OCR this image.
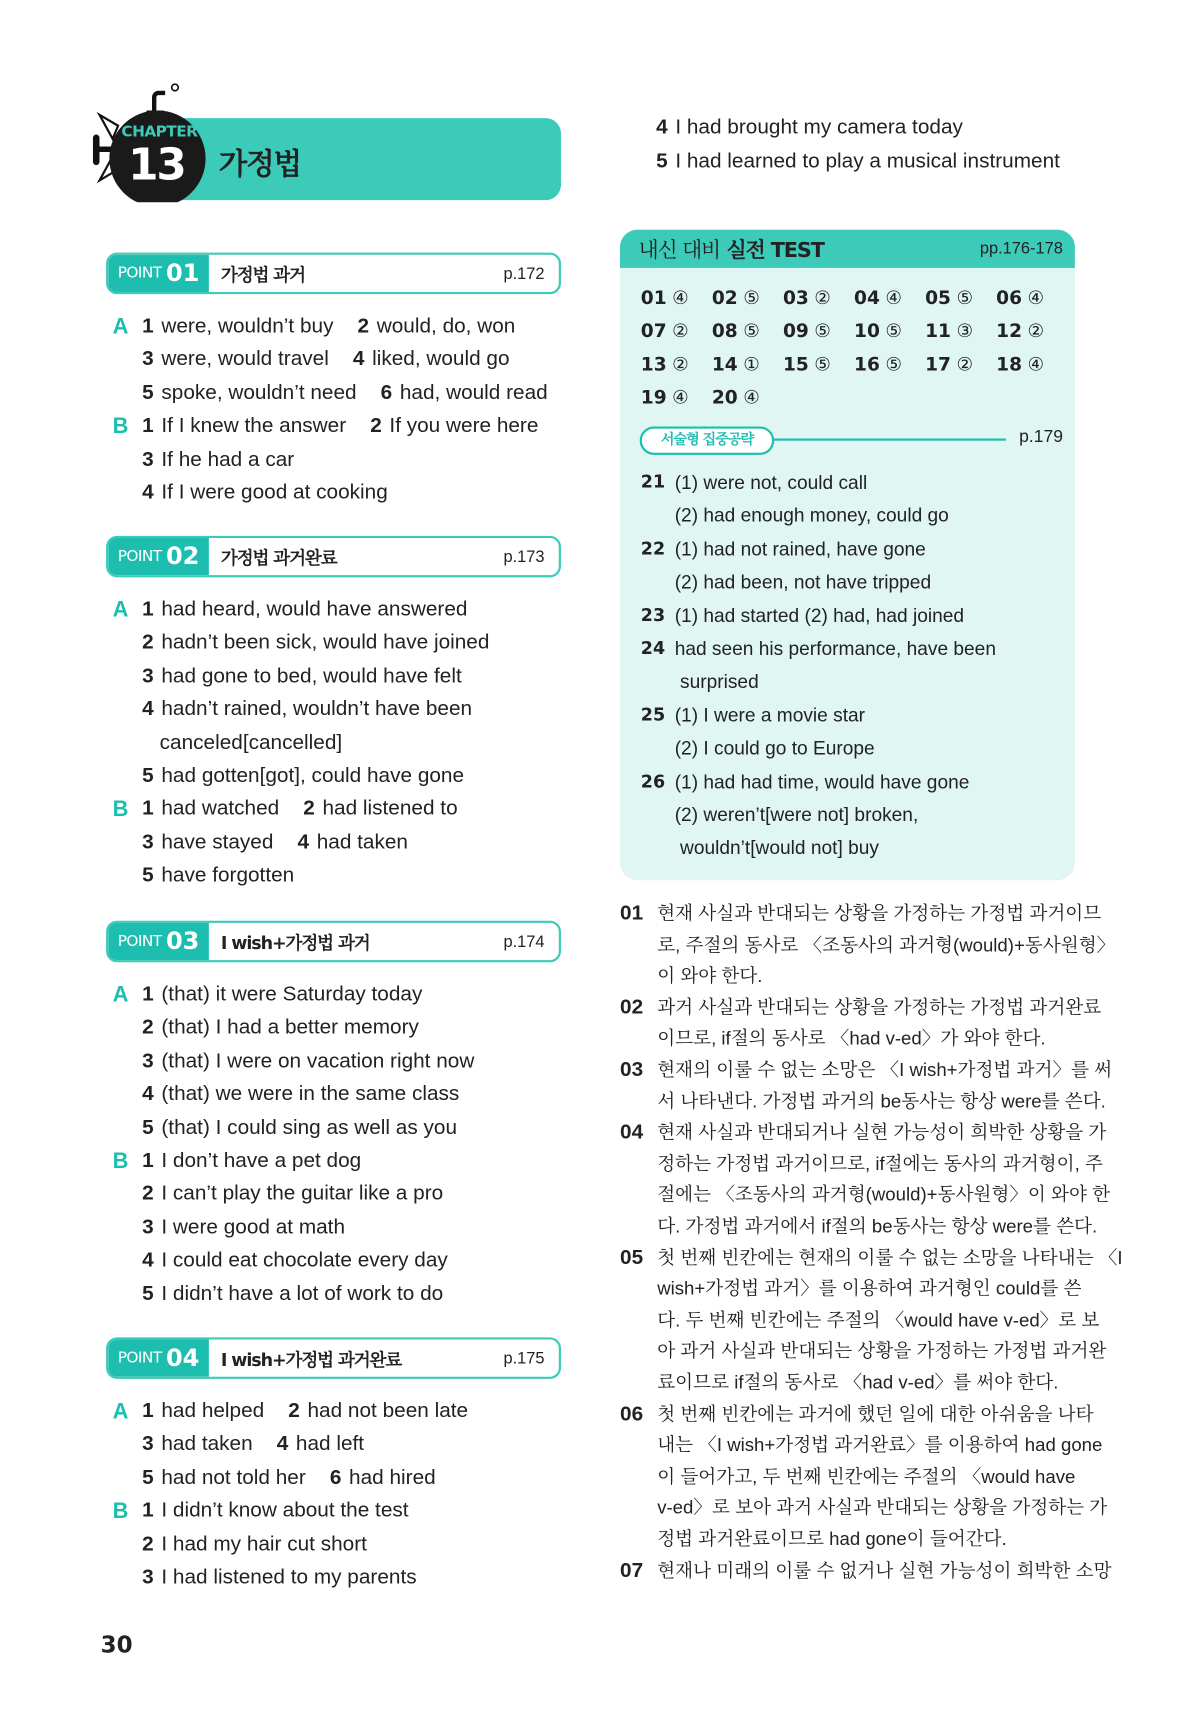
CHAPTER
13 가정법
POINT 01	가정법 과거	p.172
A 1 were, wouldn’t buy 2 would, do, won
3 were, would travel 4 liked, would go
5 spoke, wouldn’t need 6 had, would read
B 1 If I knew the answer 2 If you were here
3 If he had a car
4 If I were good at cooking
POINT 02	가정법 과거완료	p.173
A 1 had heard, would have answered
2 hadn’t been sick, would have joined
3 had gone to bed, would have felt
4 hadn’t rained, wouldn’t have been
canceled[cancelled]
5 had gotten[got], could have gone
B 1 had watched 2 had listened to
3 have stayed 4 had taken
5 have forgotten
POINT 03	I wish+가정법 과거	p.174
A 1 (that) it were Saturday today
2 (that) I had a better memory
3 (that) I were on vacation right now
4 (that) we were in the same class
5 (that) I could sing as well as you
B 1 I don’t have a pet dog
2 I can’t play the guitar like a pro
3 I were good at math
4 I could eat chocolate every day
5 I didn’t have a lot of work to do
POINT 04	I wish+가정법 과거완료	p.175
A 1 had helped 2 had not been late
3 had taken 4 had left
5 had not told her 6 had hired
B 1 I didn’t know about the test
2 I had my hair cut short
3 I had listened to my parents
4 I had brought my camera today
5 I had learned to play a musical instrument
내신 대비 실전 TEST	pp.176-178
01 ④ 02 ⑤ 03 ② 04 ④ 05 ⑤ 06 ④
07 ② 08 ⑤ 09 ⑤ 10 ⑤ 11 ③ 12 ②
13 ② 14 ① 15 ⑤ 16 ⑤ 17 ② 18 ④
19 ④ 20 ④
서술형 집중공략	p.179
21 (1) were not, could call
(2) had enough money, could go
22 (1) had not rained, have gone
(2) had been, not have tripped
23 (1) had started (2) had, had joined
24 had seen his performance, have been
surprised
25 (1) I were a movie star
(2) I could go to Europe
26 (1) had had time, would have gone
(2) weren’t[were not] broken,
wouldn’t[would not] buy
01 현재 사실과 반대되는 상황을 가정하는 가정법 과거이므
로, 주절의 동사로 〈조동사의 과거형(would)+동사원형〉
이 와야 한다.
02 과거 사실과 반대되는 상황을 가정하는 가정법 과거완료
이므로, if절의 동사로 〈had v-ed〉가 와야 한다.
03 현재의 이룰 수 없는 소망은 〈I wish+가정법 과거〉를 써
서 나타낸다. 가정법 과거의 be동사는 항상 were를 쓴다.
04 현재 사실과 반대되거나 실현 가능성이 희박한 상황을 가
정하는 가정법 과거이므로, if절에는 동사의 과거형이, 주
절에는 〈조동사의 과거형(would)+동사원형〉이 와야 한
다. 가정법 과거에서 if절의 be동사는 항상 were를 쓴다.
05 첫 번째 빈칸에는 현재의 이룰 수 없는 소망을 나타내는 〈I
wish+가정법 과거〉를 이용하여 과거형인 could를 쓴
다. 두 번째 빈칸에는 주절의 〈would have v-ed〉로 보
아 과거 사실과 반대되는 상황을 가정하는 가정법 과거완
료이므로 if절의 동사로 〈had v-ed〉를 써야 한다.
06 첫 번째 빈칸에는 과거에 했던 일에 대한 아쉬움을 나타
내는 〈I wish+가정법 과거완료〉를 이용하여 had gone
이 들어가고, 두 번째 빈칸에는 주절의 〈would have
v-ed〉로 보아 과거 사실과 반대되는 상황을 가정하는 가
정법 과거완료이므로 had gone이 들어간다.
07 현재나 미래의 이룰 수 없거나 실현 가능성이 희박한 소망
30
